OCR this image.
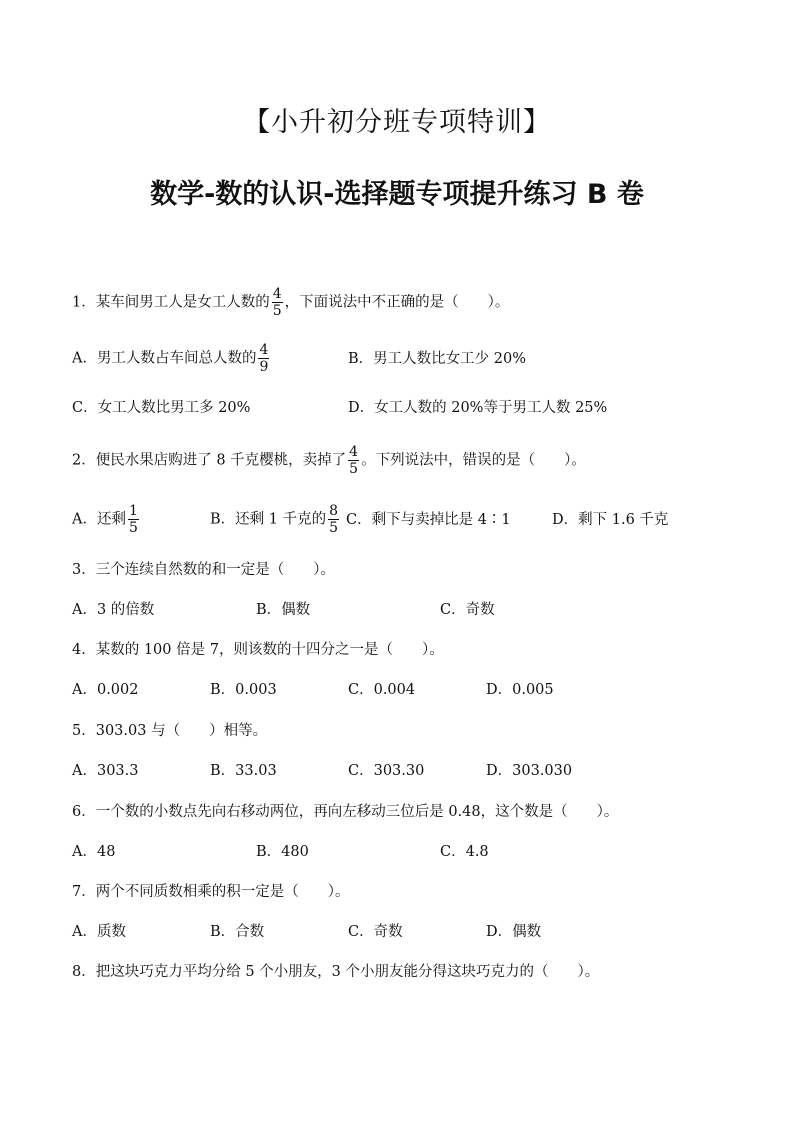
【小升初分班专项特训】
数学-数的认识-选择题专项提升练习 B 卷
1．某车间男工人是女工人数的 $\frac{4}{5}$ ，下面说法中不正确的是（　　）。
A．男工人数占车间总人数的 $\frac{4}{9}$	B．男工人数比女工少 20%
C．女工人数比男工多 20%	D．女工人数的 20%等于男工人数 25%
2．便民水果店购进了 8 千克樱桃，卖掉了 $\frac{4}{5}$ 。下列说法中，错误的是（　　）。
A．还剩 $\frac{1}{5}$	B．还剩 1 千克的 $\frac{8}{5}$ C．剩下与卖掉比是 4∶1	D．剩下 1.6 千克
3．三个连续自然数的和一定是（　　）。
A．3 的倍数	B．偶数	C．奇数
4．某数的 100 倍是 7，则该数的十四分之一是（　　）。
A．0.002	B．0.003	C．0.004	D．0.005
5．303.03 与（　　）相等。
A．303.3	B．33.03	C．303.30	D．303.030
6．一个数的小数点先向右移动两位，再向左移动三位后是 0.48，这个数是（　　）。
A．48	B．480	C．4.8
7．两个不同质数相乘的积一定是（　　）。
A．质数	B．合数	C．奇数	D．偶数
8．把这块巧克力平均分给 5 个小朋友，3 个小朋友能分得这块巧克力的（　　）。
